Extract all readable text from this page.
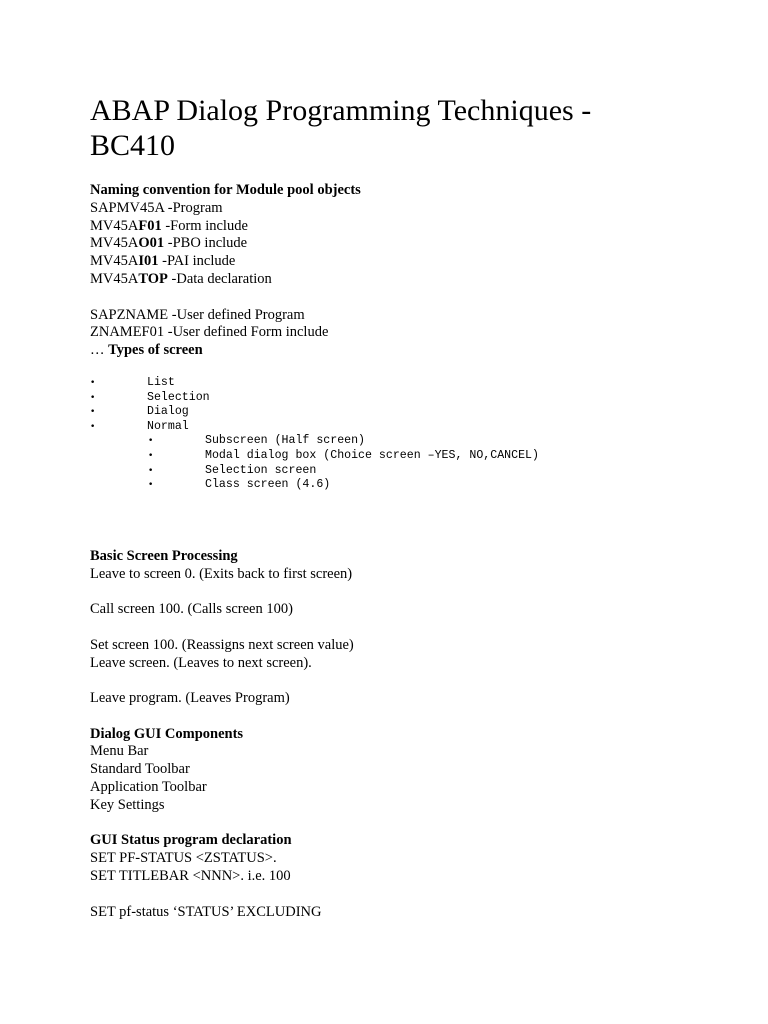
ABAP Dialog Programming Techniques -
BC410
Naming convention for Module pool objects
SAPMV45A -Program
MV45AF01 -Form include
MV45AO01 -PBO include
MV45AI01 -PAI include
MV45ATOP -Data declaration
SAPZNAME -User defined Program
ZNAMEF01 -User defined Form include
… Types of screen
•	List
•	Selection
•	Dialog
•	Normal
•	Subscreen (Half screen)
•	Modal dialog box (Choice screen –YES, NO,CANCEL)
•	Selection screen
•	Class screen (4.6)
Basic Screen Processing
Leave to screen 0. (Exits back to first screen)
Call screen 100. (Calls screen 100)
Set screen 100. (Reassigns next screen value)
Leave screen. (Leaves to next screen).
Leave program. (Leaves Program)
Dialog GUI Components
Menu Bar
Standard Toolbar
Application Toolbar
Key Settings
GUI Status program declaration
SET PF-STATUS <ZSTATUS>.
SET TITLEBAR <NNN>. i.e. 100
SET pf-status ‘STATUS’ EXCLUDING
